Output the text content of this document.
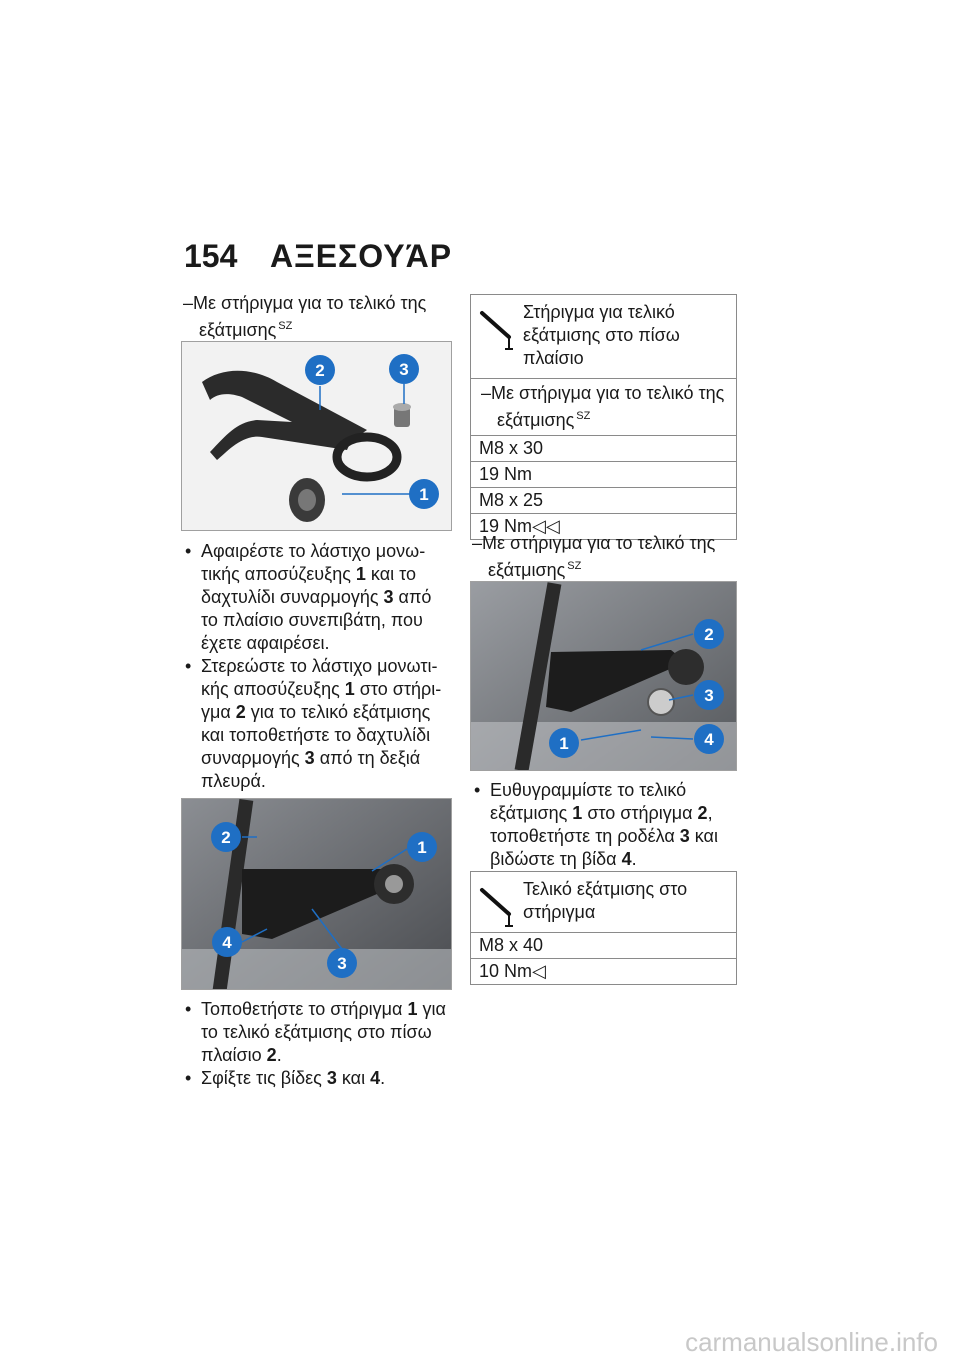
154 ΑΞΕΣΟΥΆΡ

–Με στήριγμα για το τελικό της εξάτμισης $^{SZ}$

2	3
1
• Αφαιρέστε το λάστιχο μονωτικής αποσύζευξης 1 και το δαχτυλίδι συναρμογής 3 από το πλαίσιο συνεπιβάτη, που έχετε αφαιρέσει.
• Στερεώστε το λάστιχο μονωτικής αποσύζευξης 1 στο στήριγμα 2 για το τελικό εξάτμισης και τοποθετήστε το δαχτυλίδι συναρμογής 3 από τη δεξιά πλευρά.
2
1
4
3
• Τοποθετήστε το στήριγμα 1 για το τελικό εξάτμισης στο πίσω πλαίσιο 2.
• Σφίξτε τις βίδες 3 και 4.
Στήριγμα για τελικό εξάτμισης στο πίσω πλαίσιο
–Με στήριγμα για το τελικό της εξάτμισης $^{SZ}$
M8 x 30
19 Nm
M8 x 25
19 Nm◁◁

–Με στήριγμα για το τελικό της εξάτμισης $^{SZ}$

2
3
4
1
• Ευθυγραμμίστε το τελικό εξάτμισης 1 στο στήριγμα 2, τοποθετήστε τη ροδέλα 3 και βιδώστε τη βίδα 4.
Τελικό εξάτμισης στο στήριγμα
M8 x 40
10 Nm◁
carmanualsonline.info
